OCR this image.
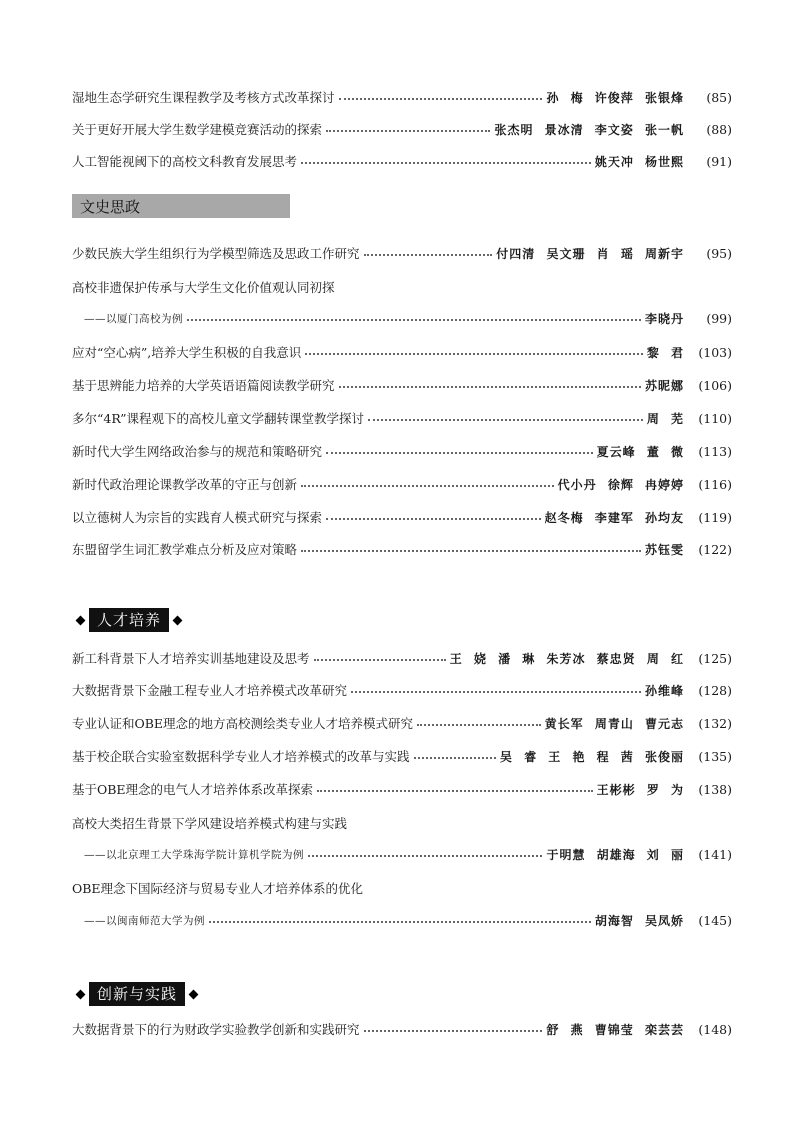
湿地生态学研究生课程教学及考核方式改革探讨	孙 梅 许俊萍 张银烽	(85)
关于更好开展大学生数学建模竞赛活动的探索	张杰明 景冰清 李文姿 张一帆	(88)
人工智能视阈下的高校文科教育发展思考	姚天冲 杨世熙	(91)
文史思政
少数民族大学生组织行为学模型筛选及思政工作研究	付四清 吴文珊 肖 瑶 周新宇	(95)
高校非遗保护传承与大学生文化价值观认同初探
——以厦门高校为例	李晓丹	(99)
应对“空心病”,培养大学生积极的自我意识	黎 君	(103)
基于思辨能力培养的大学英语语篇阅读教学研究	苏昵娜	(106)
多尔“4R”课程观下的高校儿童文学翻转课堂教学探讨	周 芜	(110)
新时代大学生网络政治参与的规范和策略研究	夏云峰 董 微	(113)
新时代政治理论课教学改革的守正与创新	代小丹 徐辉 冉婷婷	(116)
以立德树人为宗旨的实践育人模式研究与探索	赵冬梅 李建军 孙均友	(119)
东盟留学生词汇教学难点分析及应对策略	苏钰雯	(122)
人才培养
新工科背景下人才培养实训基地建设及思考	王 娆 潘 琳 朱芳冰 蔡忠贤 周 红	(125)
大数据背景下金融工程专业人才培养模式改革研究	孙维峰	(128)
专业认证和OBE理念的地方高校测绘类专业人才培养模式研究	黄长军 周青山 曹元志	(132)
基于校企联合实验室数据科学专业人才培养模式的改革与实践	吴 睿 王 艳 程 茜 张俊丽	(135)
基于OBE理念的电气人才培养体系改革探索	王彬彬 罗 为	(138)
高校大类招生背景下学风建设培养模式构建与实践
——以北京理工大学珠海学院计算机学院为例	于明慧 胡雄海 刘 丽	(141)
OBE理念下国际经济与贸易专业人才培养体系的优化
——以闽南师范大学为例	胡海智 吴凤娇	(145)
创新与实践
大数据背景下的行为财政学实验教学创新和实践研究	舒 燕 曹锦莹 栾芸芸	(148)
